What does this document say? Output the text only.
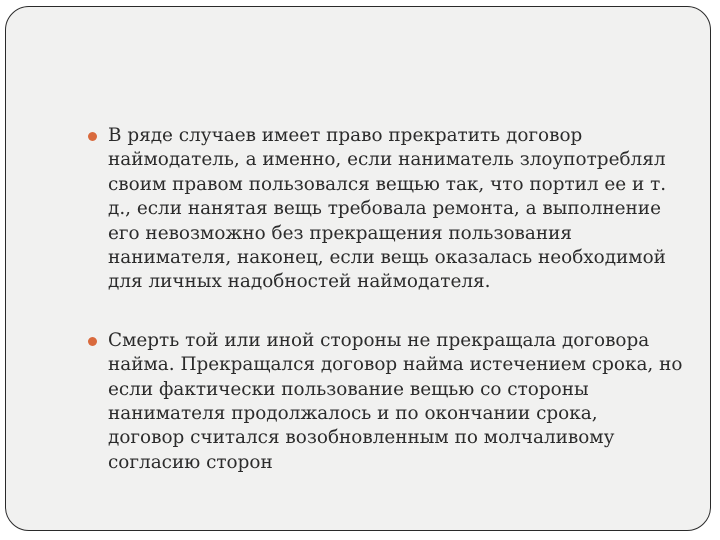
В ряде случаев имеет право прекратить договор
наймодатель, а именно, если наниматель злоупотреблял
своим правом пользовался вещью так, что портил ее и т.
д., если нанятая вещь требовала ремонта, а выполнение
его невозможно без прекращения пользования
нанимателя, наконец, если вещь оказалась необходимой
для личных надобностей наймодателя.
Смерть той или иной стороны не прекращала договора
найма. Прекращался договор найма истечением срока, но
если фактически пользование вещью со стороны
нанимателя продолжалось и по окончании срока,
договор считался возобновленным по молчаливому
согласию сторон
